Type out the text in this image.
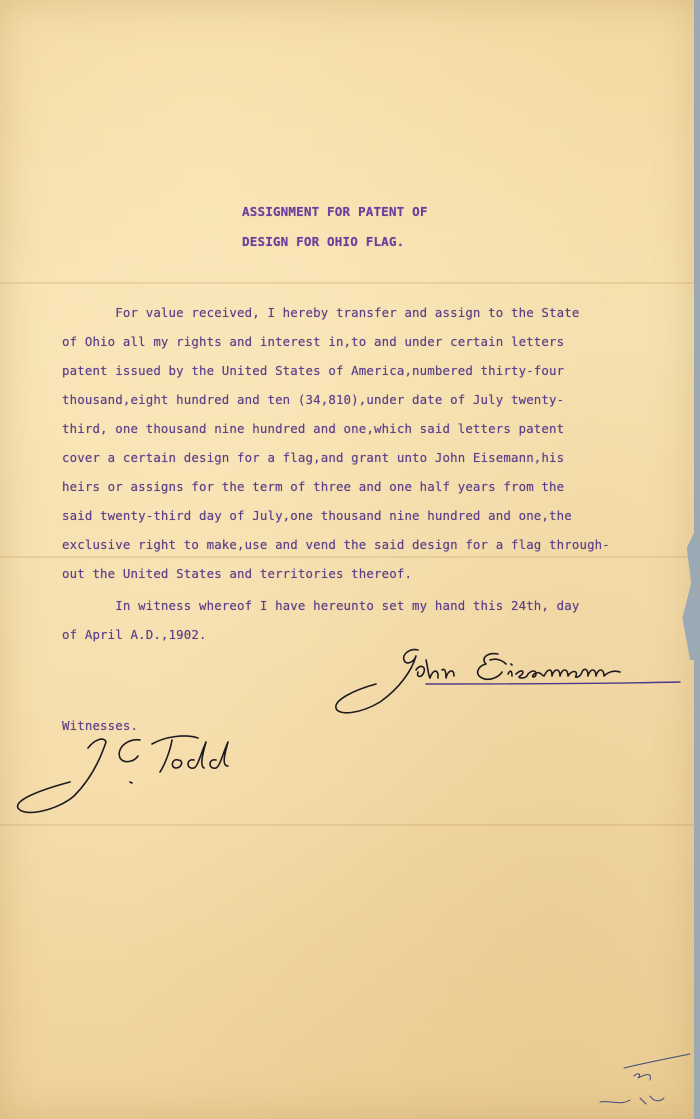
ASSIGNMENT FOR PATENT OF
DESIGN FOR OHIO FLAG.
For value received, I hereby transfer and assign to the State
of Ohio all my rights and interest in,to and under certain letters
patent issued by the United States of America,numbered thirty-four
thousand,eight hundred and ten (34,810),under date of July twenty-
third, one thousand nine hundred and one,which said letters patent
cover a certain design for a flag,and grant unto John Eisemann,his
heirs or assigns for the term of three and one half years from the
said twenty-third day of July,one thousand nine hundred and one,the
exclusive right to make,use and vend the said design for a flag through-
out the United States and territories thereof.
In witness whereof I have hereunto set my hand this 24th, day
of April A.D.,1902.
Witnesses.
